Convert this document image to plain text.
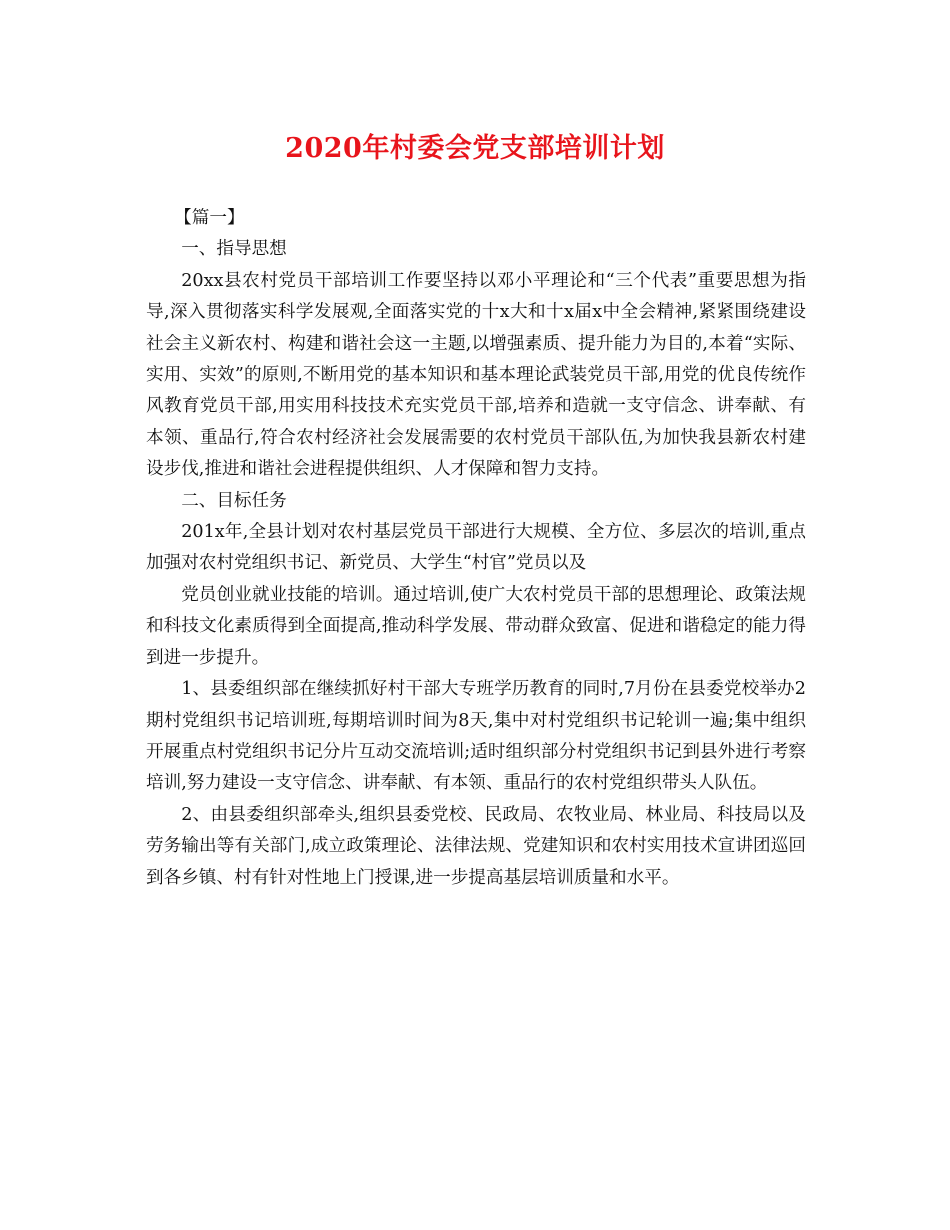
2020年村委会党支部培训计划

【篇一】

一、指导思想

20xx县农村党员干部培训工作要坚持以邓小平理论和“三个代表”重要思想为指导,深入贯彻落实科学发展观,全面落实党的十x大和十x届x中全会精神,紧紧围绕建设社会主义新农村、构建和谐社会这一主题,以增强素质、提升能力为目的,本着“实际、实用、实效”的原则,不断用党的基本知识和基本理论武装党员干部,用党的优良传统作风教育党员干部,用实用科技技术充实党员干部,培养和造就一支守信念、讲奉献、有本领、重品行,符合农村经济社会发展需要的农村党员干部队伍,为加快我县新农村建设步伐,推进和谐社会进程提供组织、人才保障和智力支持。

二、目标任务

201x年,全县计划对农村基层党员干部进行大规模、全方位、多层次的培训,重点加强对农村党组织书记、新党员、大学生“村官”党员以及

党员创业就业技能的培训。通过培训,使广大农村党员干部的思想理论、政策法规和科技文化素质得到全面提高,推动科学发展、带动群众致富、促进和谐稳定的能力得到进一步提升。

1、县委组织部在继续抓好村干部大专班学历教育的同时,7月份在县委党校举办2期村党组织书记培训班,每期培训时间为8天,集中对村党组织书记轮训一遍;集中组织开展重点村党组织书记分片互动交流培训;适时组织部分村党组织书记到县外进行考察培训,努力建设一支守信念、讲奉献、有本领、重品行的农村党组织带头人队伍。

2、由县委组织部牵头,组织县委党校、民政局、农牧业局、林业局、科技局以及劳务输出等有关部门,成立政策理论、法律法规、党建知识和农村实用技术宣讲团巡回到各乡镇、村有针对性地上门授课,进一步提高基层培训质量和水平。
